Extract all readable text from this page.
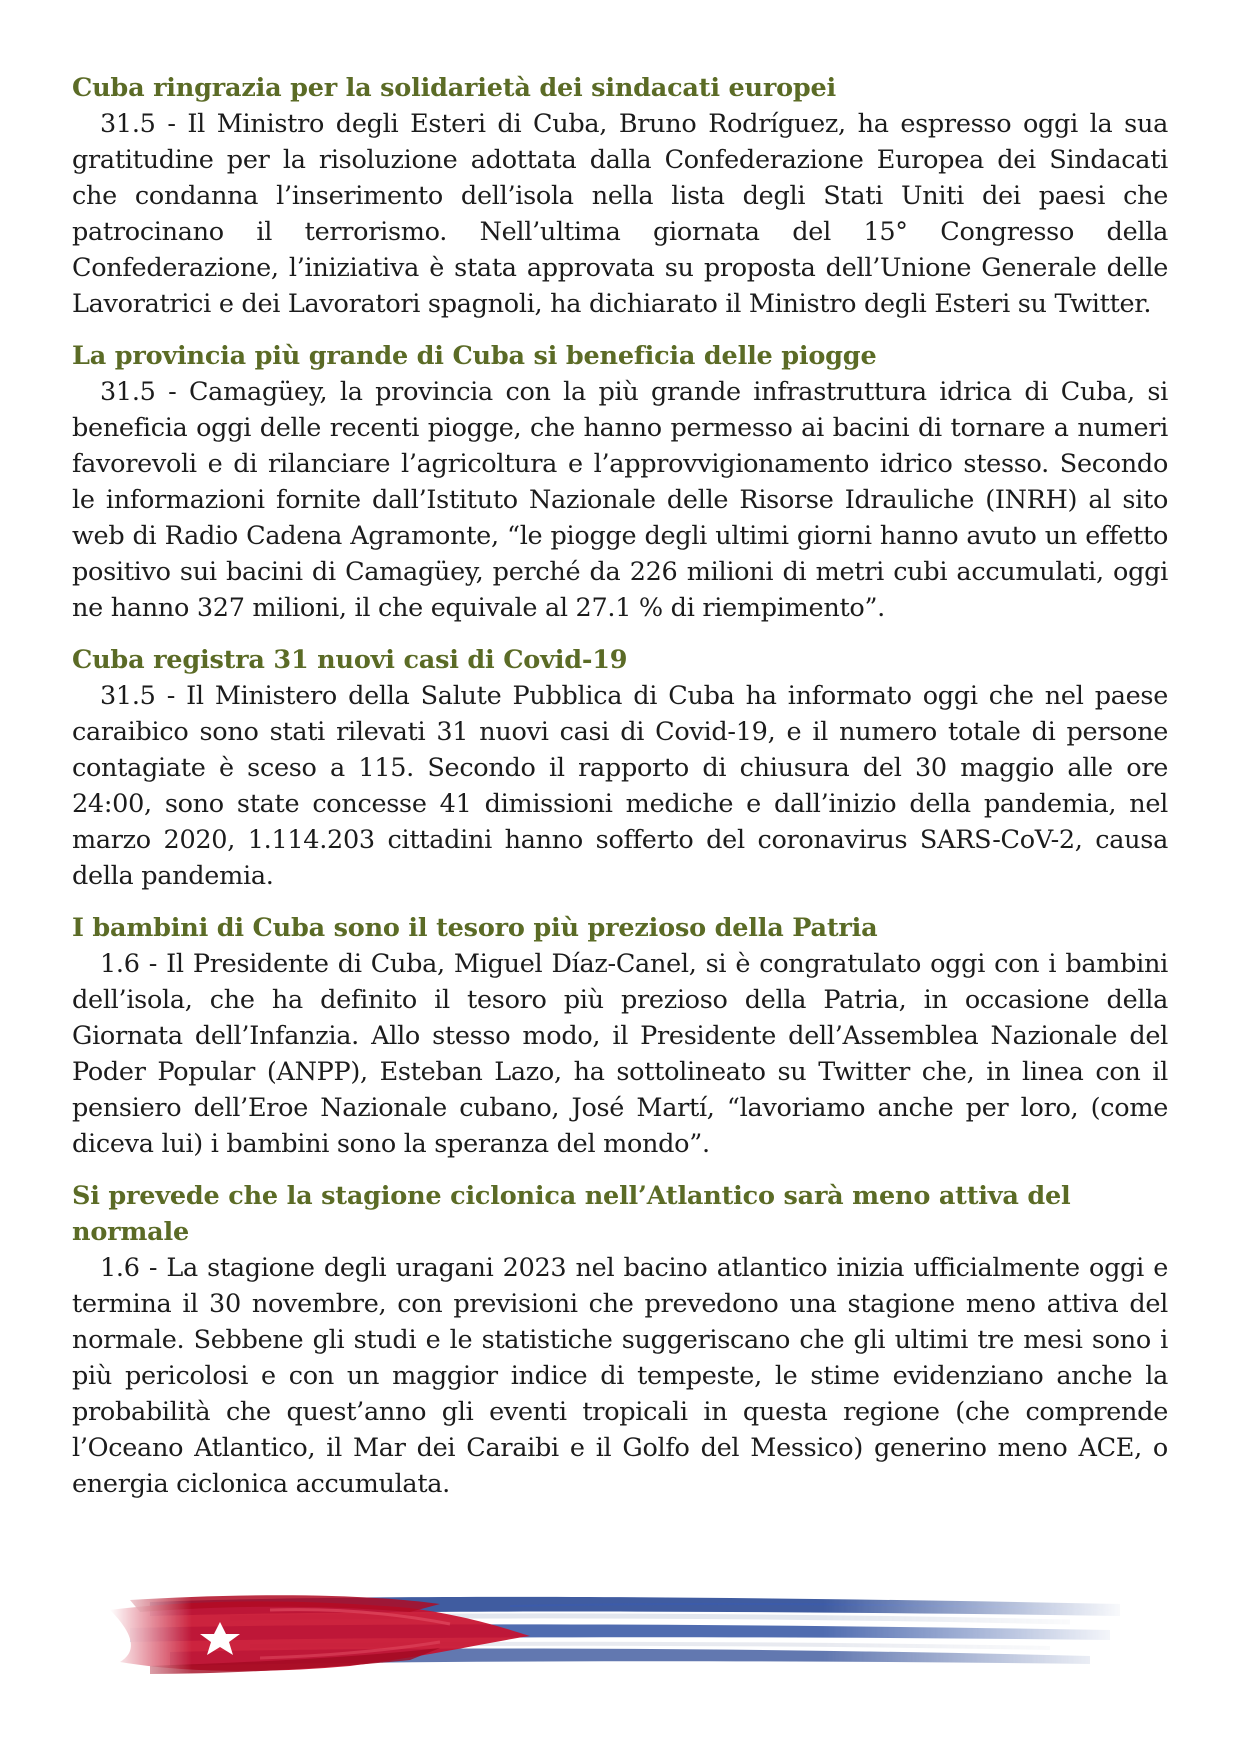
Cuba ringrazia per la solidarietà dei sindacati europei

31.5 - Il Ministro degli Esteri di Cuba, Bruno Rodríguez, ha espresso oggi la sua gratitudine per la risoluzione adottata dalla Confederazione Europea dei Sindacati che condanna l’inserimento dell’isola nella lista degli Stati Uniti dei paesi che patrocinano il terrorismo. Nell’ultima giornata del 15° Congresso della Confederazione, l’iniziativa è stata approvata su proposta dell’Unione Generale delle Lavoratrici e dei Lavoratori spagnoli, ha dichiarato il Ministro degli Esteri su Twitter.

La provincia più grande di Cuba si beneficia delle piogge

31.5 - Camagüey, la provincia con la più grande infrastruttura idrica di Cuba, si beneficia oggi delle recenti piogge, che hanno permesso ai bacini di tornare a numeri favorevoli e di rilanciare l’agricoltura e l’approvvigionamento idrico stesso. Secondo le informazioni fornite dall’Istituto Nazionale delle Risorse Idrauliche (INRH) al sito web di Radio Cadena Agramonte, “le piogge degli ultimi giorni hanno avuto un effetto positivo sui bacini di Camagüey, perché da 226 milioni di metri cubi accumulati, oggi ne hanno 327 milioni, il che equivale al 27.1 % di riempimento”.

Cuba registra 31 nuovi casi di Covid-19

31.5 - Il Ministero della Salute Pubblica di Cuba ha informato oggi che nel paese caraibico sono stati rilevati 31 nuovi casi di Covid-19, e il numero totale di persone contagiate è sceso a 115. Secondo il rapporto di chiusura del 30 maggio alle ore 24:00, sono state concesse 41 dimissioni mediche e dall’inizio della pandemia, nel marzo 2020, 1.114.203 cittadini hanno sofferto del coronavirus SARS-CoV-2, causa della pandemia.

I bambini di Cuba sono il tesoro più prezioso della Patria

1.6 - Il Presidente di Cuba, Miguel Díaz-Canel, si è congratulato oggi con i bambini dell’isola, che ha definito il tesoro più prezioso della Patria, in occasione della Giornata dell’Infanzia. Allo stesso modo, il Presidente dell’Assemblea Nazionale del Poder Popular (ANPP), Esteban Lazo, ha sottolineato su Twitter che, in linea con il pensiero dell’Eroe Nazionale cubano, José Martí, “lavoriamo anche per loro, (come diceva lui) i bambini sono la speranza del mondo”.

Si prevede che la stagione ciclonica nell’Atlantico sarà meno attiva del normale

1.6 - La stagione degli uragani 2023 nel bacino atlantico inizia ufficialmente oggi e termina il 30 novembre, con previsioni che prevedono una stagione meno attiva del normale. Sebbene gli studi e le statistiche suggeriscano che gli ultimi tre mesi sono i più pericolosi e con un maggior indice di tempeste, le stime evidenziano anche la probabilità che quest’anno gli eventi tropicali in questa regione (che comprende l’Oceano Atlantico, il Mar dei Caraibi e il Golfo del Messico) generino meno ACE, o energia ciclonica accumulata.
